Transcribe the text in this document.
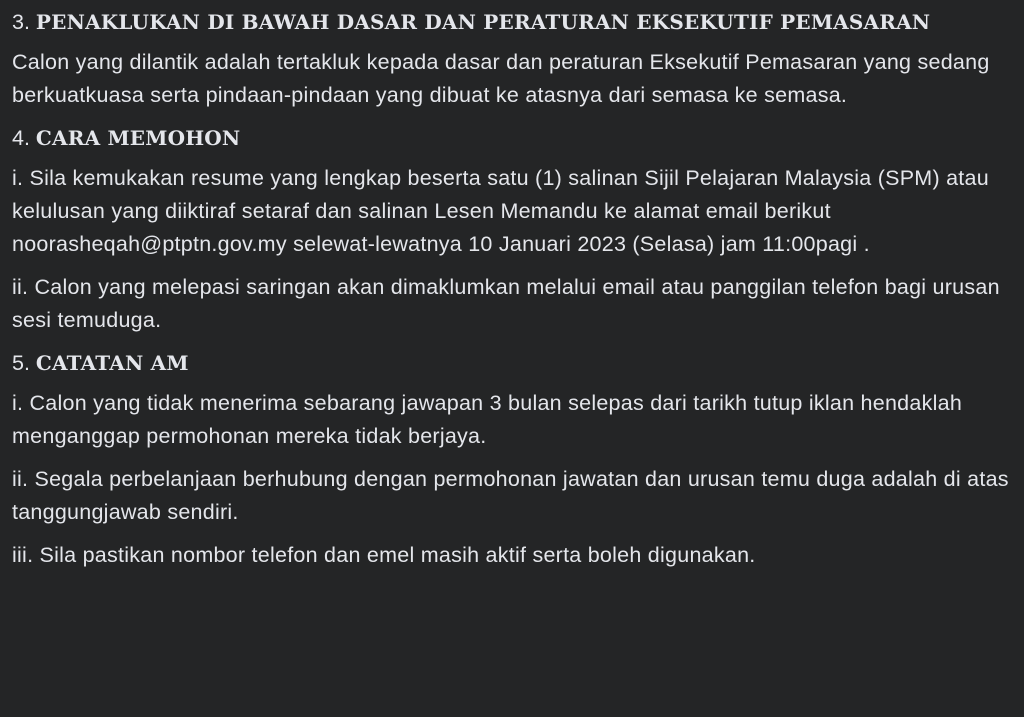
3. PENAKLUKAN DI BAWAH DASAR DAN PERATURAN EKSEKUTIF PEMASARAN

Calon yang dilantik adalah tertakluk kepada dasar dan peraturan Eksekutif Pemasaran yang sedang berkuatkuasa serta pindaan-pindaan yang dibuat ke atasnya dari semasa ke semasa.

4. CARA MEMOHON

i. Sila kemukakan resume yang lengkap beserta satu (1) salinan Sijil Pelajaran Malaysia (SPM) atau kelulusan yang diiktiraf setaraf dan salinan Lesen Memandu ke alamat email berikut noorasheqah@ptptn.gov.my selewat-lewatnya 10 Januari 2023 (Selasa) jam 11:00pagi .

ii. Calon yang melepasi saringan akan dimaklumkan melalui email atau panggilan telefon bagi urusan sesi temuduga.

5. CATATAN AM

i. Calon yang tidak menerima sebarang jawapan 3 bulan selepas dari tarikh tutup iklan hendaklah menganggap permohonan mereka tidak berjaya.

ii. Segala perbelanjaan berhubung dengan permohonan jawatan dan urusan temu duga adalah di atas tanggungjawab sendiri.

iii. Sila pastikan nombor telefon dan emel masih aktif serta boleh digunakan.
